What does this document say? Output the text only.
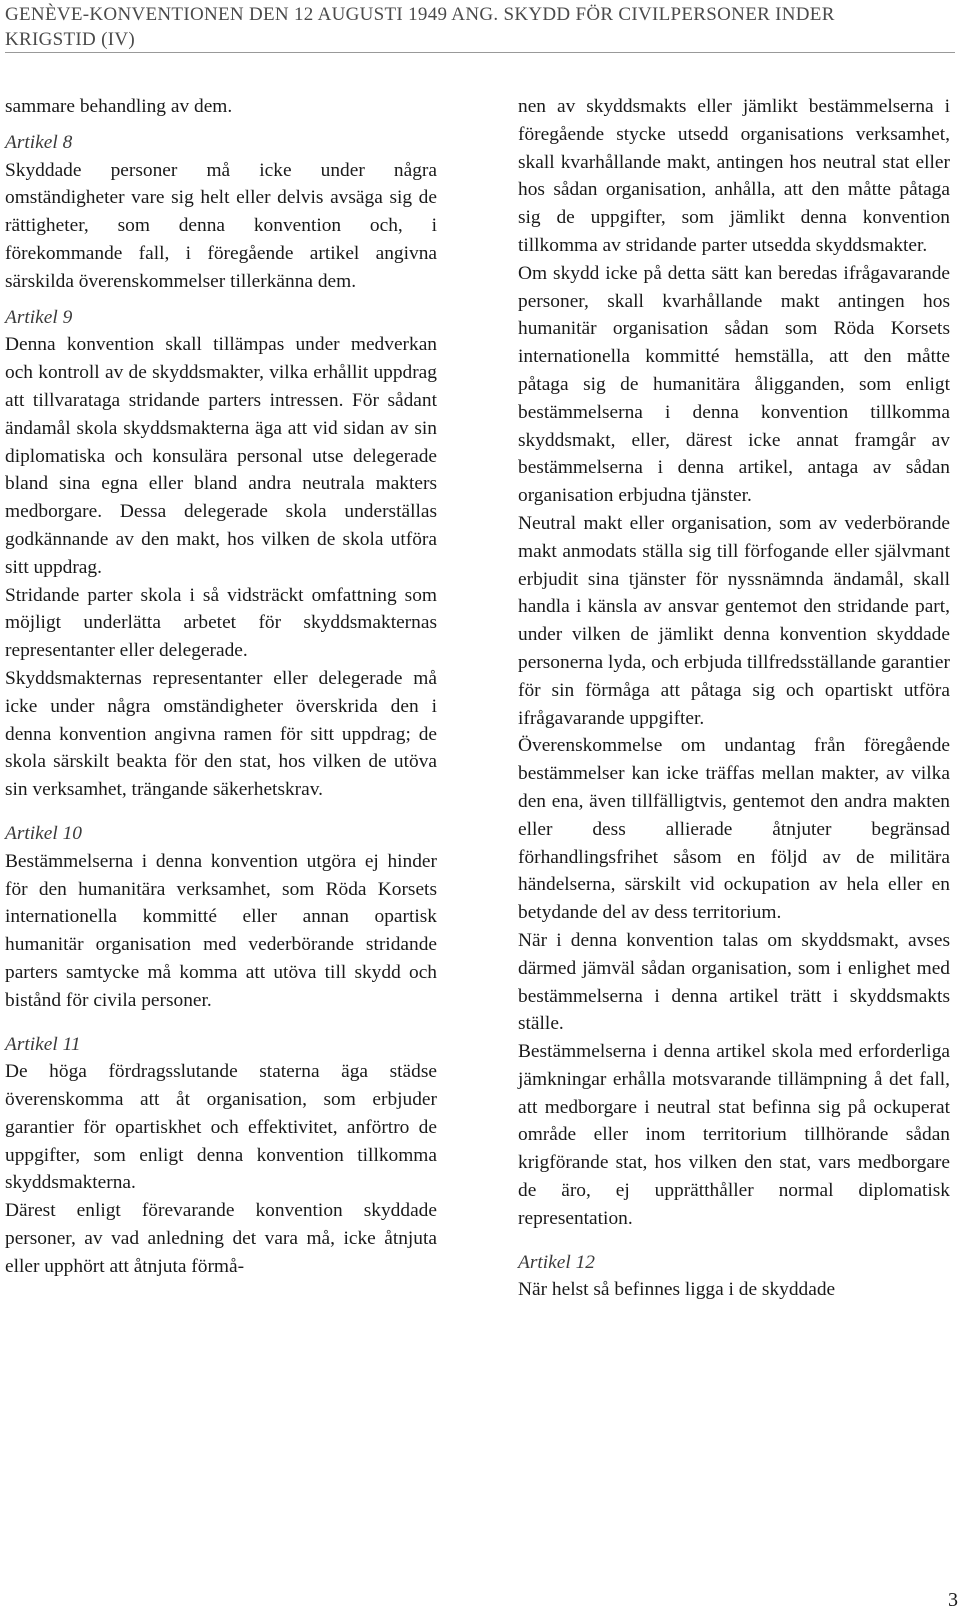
GENÈVE-KONVENTIONEN DEN 12 AUGUSTI 1949 ANG. SKYDD FÖR CIVILPERSONER INDER
KRIGSTID (IV)

sammare behandling av dem.

Artikel 8

Skyddade personer må icke under några omständigheter vare sig helt eller delvis avsäga sig de rättigheter, som denna konvention och, i förekommande fall, i föregående artikel angivna särskilda överenskommelser tillerkänna dem.

Artikel 9

Denna konvention skall tillämpas under medverkan och kontroll av de skyddsmakter, vilka erhållit uppdrag att tillvarataga stridande parters intressen. För sådant ändamål skola skyddsmakterna äga att vid sidan av sin diplomatiska och konsulära personal utse delegerade bland sina egna eller bland andra neutrala makters medborgare. Dessa delegerade skola underställas godkännande av den makt, hos vilken de skola utföra sitt uppdrag.

Stridande parter skola i så vidsträckt omfattning som möjligt underlätta arbetet för skyddsmakternas representanter eller delegerade.

Skyddsmakternas representanter eller delegerade må icke under några omständigheter överskrida den i denna konvention angivna ramen för sitt uppdrag; de skola särskilt beakta för den stat, hos vilken de utöva sin verksamhet, trängande säkerhetskrav.

Artikel 10

Bestämmelserna i denna konvention utgöra ej hinder för den humanitära verksamhet, som Röda Korsets internationella kommitté eller annan opartisk humanitär organisation med vederbörande stridande parters samtycke må komma att utöva till skydd och bistånd för civila personer.

Artikel 11

De höga fördragsslutande staterna äga städse överenskomma att åt organisation, som erbjuder garantier för opartiskhet och effektivitet, anförtro de uppgifter, som enligt denna konvention tillkomma skyddsmakterna.

Därest enligt förevarande konvention skyddade personer, av vad anledning det vara må, icke åtnjuta eller upphört att åtnjuta förmå-

nen av skyddsmakts eller jämlikt bestämmelserna i föregående stycke utsedd organisations verksamhet, skall kvarhållande makt, antingen hos neutral stat eller hos sådan organisation, anhålla, att den måtte påtaga sig de uppgifter, som jämlikt denna konvention tillkomma av stridande parter utsedda skyddsmakter.

Om skydd icke på detta sätt kan beredas ifrågavarande personer, skall kvarhållande makt antingen hos humanitär organisation sådan som Röda Korsets internationella kommitté hemställa, att den måtte påtaga sig de humanitära åligganden, som enligt bestämmelserna i denna konvention tillkomma skyddsmakt, eller, därest icke annat framgår av bestämmelserna i denna artikel, antaga av sådan organisation erbjudna tjänster.

Neutral makt eller organisation, som av vederbörande makt anmodats ställa sig till förfogande eller självmant erbjudit sina tjänster för nyssnämnda ändamål, skall handla i känsla av ansvar gentemot den stridande part, under vilken de jämlikt denna konvention skyddade personerna lyda, och erbjuda tillfredsställande garantier för sin förmåga att påtaga sig och opartiskt utföra ifrågavarande uppgifter.

Överenskommelse om undantag från föregående bestämmelser kan icke träffas mellan makter, av vilka den ena, även tillfälligtvis, gentemot den andra makten eller dess allierade åtnjuter begränsad förhandlingsfrihet såsom en följd av de militära händelserna, särskilt vid ockupation av hela eller en betydande del av dess territorium.

När i denna konvention talas om skyddsmakt, avses därmed jämväl sådan organisation, som i enlighet med bestämmelserna i denna artikel trätt i skyddsmakts ställe.

Bestämmelserna i denna artikel skola med erforderliga jämkningar erhålla motsvarande tillämpning å det fall, att medborgare i neutral stat befinna sig på ockuperat område eller inom territorium tillhörande sådan krigförande stat, hos vilken den stat, vars medborgare de äro, ej upprätthåller normal diplomatisk representation.

Artikel 12

När helst så befinnes ligga i de skyddade

3
